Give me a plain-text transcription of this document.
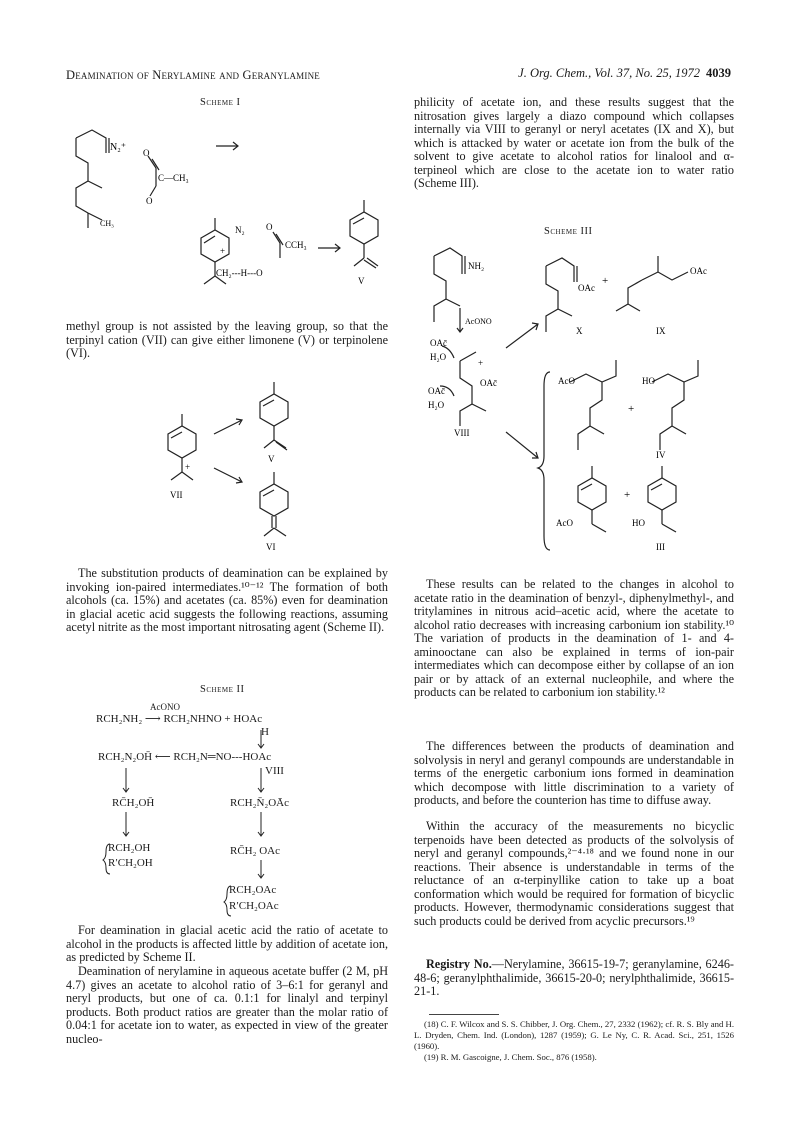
Deamination of Nerylamine and Geranylamine	J. Org. Chem., Vol. 37, No. 25, 1972 4039
Scheme I
N₂⁺
CH₃
O
C—CH₃
O
N₂
+
O
CCH₃
CH₂---H---O
V

methyl group is not assisted by the leaving group, so that the terpinyl cation (VII) can give either limonene (V) or terpinolene (VI).

+
VII
V
VI

The substitution products of deamination can be explained by invoking ion-paired intermediates.¹⁰⁻¹² The formation of both alcohols (ca. 15%) and acetates (ca. 85%) even for deamination in glacial acetic acid suggests the following reactions, assuming acetyl nitrite as the most important nitrosating agent (Scheme II).

Scheme II
AcONO
RCH₂NH₂ ⟶ RCH₂NHNO + HOAc
H
RCH₂N₂OH̄ ⟵ RCH₂N═NO---HOAc
VIII
RC̄H₂OH̄	RCH₂N̄₂OĀc
RCH₂OH
R′CH₂OH
RC̄H₂ OAc
RCH₂OAc
R′CH₂OAc

For deamination in glacial acetic acid the ratio of acetate to alcohol in the products is affected little by addition of acetate ion, as predicted by Scheme II.

Deamination of nerylamine in aqueous acetate buffer (2 M, pH 4.7) gives an acetate to alcohol ratio of 3–6:1 for geranyl and neryl products, but one of ca. 0.1:1 for linalyl and terpinyl products. Both product ratios are greater than the molar ratio of 0.04:1 for acetate ion to water, as expected in view of the greater nucleo-

philicity of acetate ion, and these results suggest that the nitrosation gives largely a diazo compound which collapses internally via VIII to geranyl or neryl acetates (IX and X), but which is attacked by water or acetate ion from the bulk of the solvent to give acetate to alcohol ratios for linalool and α-terpineol which are close to the acetate ion to water ratio (Scheme III).

Scheme III
NH₂
AcONO
OAc̄
H₂O
+
OAc̄
OAc̄
H₂O
VIII
OAc
X
+
OAc
IX
AcO
+
HO
IV
AcO
+
HO
III

These results can be related to the changes in alcohol to acetate ratio in the deamination of benzyl-, diphenylmethyl-, and tritylamines in nitrous acid–acetic acid, where the acetate to alcohol ratio decreases with increasing carbonium ion stability.¹⁰ The variation of products in the deamination of 1- and 4-aminooctane can also be explained in terms of ion-pair intermediates which can decompose either by collapse of an ion pair or by attack of an external nucleophile, and where the products can be related to carbonium ion stability.¹²

The differences between the products of deamination and solvolysis in neryl and geranyl compounds are understandable in terms of the energetic carbonium ions formed in deamination which decompose with little discrimination to a variety of products, and before the counterion has time to diffuse away.

Within the accuracy of the measurements no bicyclic terpenoids have been detected as products of the solvolysis of neryl and geranyl compounds,²⁻⁴·¹⁸ and we found none in our reactions. Their absence is understandable in terms of the reluctance of an α-terpinyllike cation to take up a boat conformation which would be required for formation of bicyclic products. However, thermodynamic considerations suggest that such products could be derived from acyclic precursors.¹⁹

Registry No.—Nerylamine, 36615-19-7; geranylamine, 6246-48-6; geranylphthalimide, 36615-20-0; nerylphthalimide, 36615-21-1.

(18) C. F. Wilcox and S. S. Chibber, J. Org. Chem., 27, 2332 (1962); cf. R. S. Bly and H. L. Dryden, Chem. Ind. (London), 1287 (1959); G. Le Ny, C. R. Acad. Sci., 251, 1526 (1960).

(19) R. M. Gascoigne, J. Chem. Soc., 876 (1958).
